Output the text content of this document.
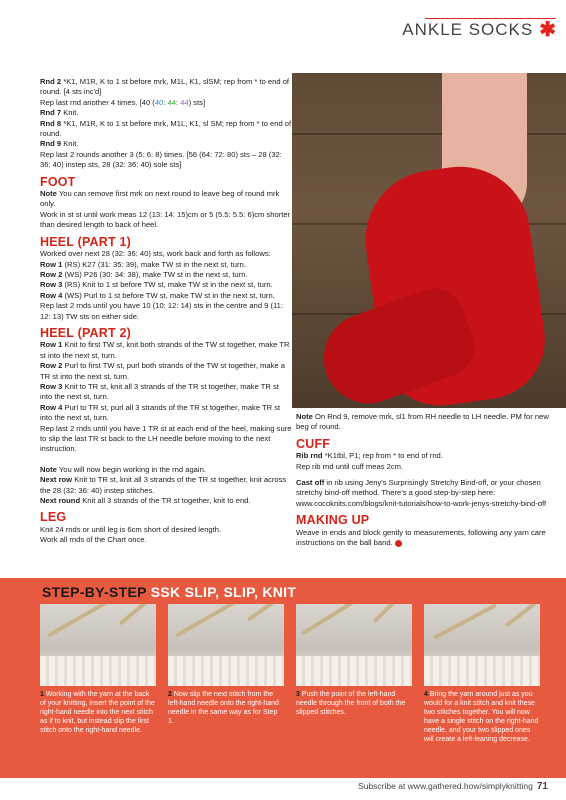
ANKLE SOCKS ✱

Rnd 2 *K1, M1R, K to 1 st before mrk, M1L, K1, slSM; rep from * to end of round. [4 sts inc'd]

Rep last rnd another 4 times. [40 (40: 44: 44) sts]

Rnd 7 Knit.

Rnd 8 *K1, M1R, K to 1 st before mrk, M1L, K1, sl SM; rep from * to end of round.

Rnd 9 Knit.

Rep last 2 rounds another 3 (5: 6: 8) times. [56 (64: 72: 80) sts – 28 (32: 36: 40) instep sts, 28 (32: 36: 40) sole sts]

FOOT

Note You can remove first mrk on next round to leave beg of round mrk only.

Work in st st until work meas 12 (13: 14: 15)cm or 5 (5.5: 5.5: 6)cm shorter than desired length to back of heel.

HEEL (PART 1)

Worked over next 28 (32: 36: 40) sts, work back and forth as follows:

Row 1 (RS) K27 (31: 35: 39), make TW st in the next st, turn.

Row 2 (WS) P26 (30: 34: 38), make TW st in the next st, turn.

Row 3 (RS) Knit to 1 st before TW st, make TW st in the next st, turn.

Row 4 (WS) Purl to 1 st before TW st, make TW st in the next st, turn.

Rep last 2 rnds until you have 10 (10: 12: 14) sts in the centre and 9 (11: 12: 13) TW sts on either side.

HEEL (PART 2)

Row 1 Knit to first TW st, knit both strands of the TW st together, make TR st into the next st, turn.

Row 2 Purl to first TW st, purl both strands of the TW st together, make a TR st into the next st, turn.

Row 3 Knit to TR st, knit all 3 strands of the TR st together, make TR st into the next st, turn.

Row 4 Purl to TR st, purl all 3 strands of the TR st together, make TR st into the next st, turn.

Rep last 2 rnds until you have 1 TR st at each end of the heel, making sure to slip the last TR st back to the LH needle before moving to the next instruction.

Note You will now begin working in the rnd again.

Next row Knit to TR st, knit all 3 strands of the TR st together, knit across the 28 (32: 36: 40) instep stitches.

Next round Knit all 3 strands of the TR st together, knit to end.

LEG

Knit 24 rnds or until leg is 6cm short of desired length.

Work all rnds of the Chart once.

Note On Rnd 9, remove mrk, sl1 from RH needle to LH needle. PM for new beg of round.

CUFF

Rib rnd *K1tbl, P1; rep from * to end of rnd.

Rep rib rnd until cuff meas 2cm.

Cast off in rib using Jeny's Surprisingly Stretchy Bind-off, or your chosen stretchy bind-off method. There's a good step-by-step here: www.cocoknits.com/blogs/knit-tutorials/how-to-work-jenys-stretchy-bind-off

MAKING UP

Weave in ends and block gently to measurements, following any yarn care instructions on the ball band.

STEP-BY-STEP SSK SLIP, SLIP, KNIT
1 Working with the yarn at the back of your knitting, insert the point of the right-hand needle into the next stitch as if to knit, but instead slip the first stitch onto the right-hand needle.
2 Now slip the next stitch from the left-hand needle onto the right-hand needle in the same way as for Step 1.
3 Push the point of the left-hand needle through the front of both the slipped stitches.
4 Bring the yarn around just as you would for a knit stitch and knit these two stitches together. You will now have a single stitch on the right-hand needle, and your two slipped ones will create a left-leaning decrease.
Subscribe at www.gathered.how/simplyknitting 71
